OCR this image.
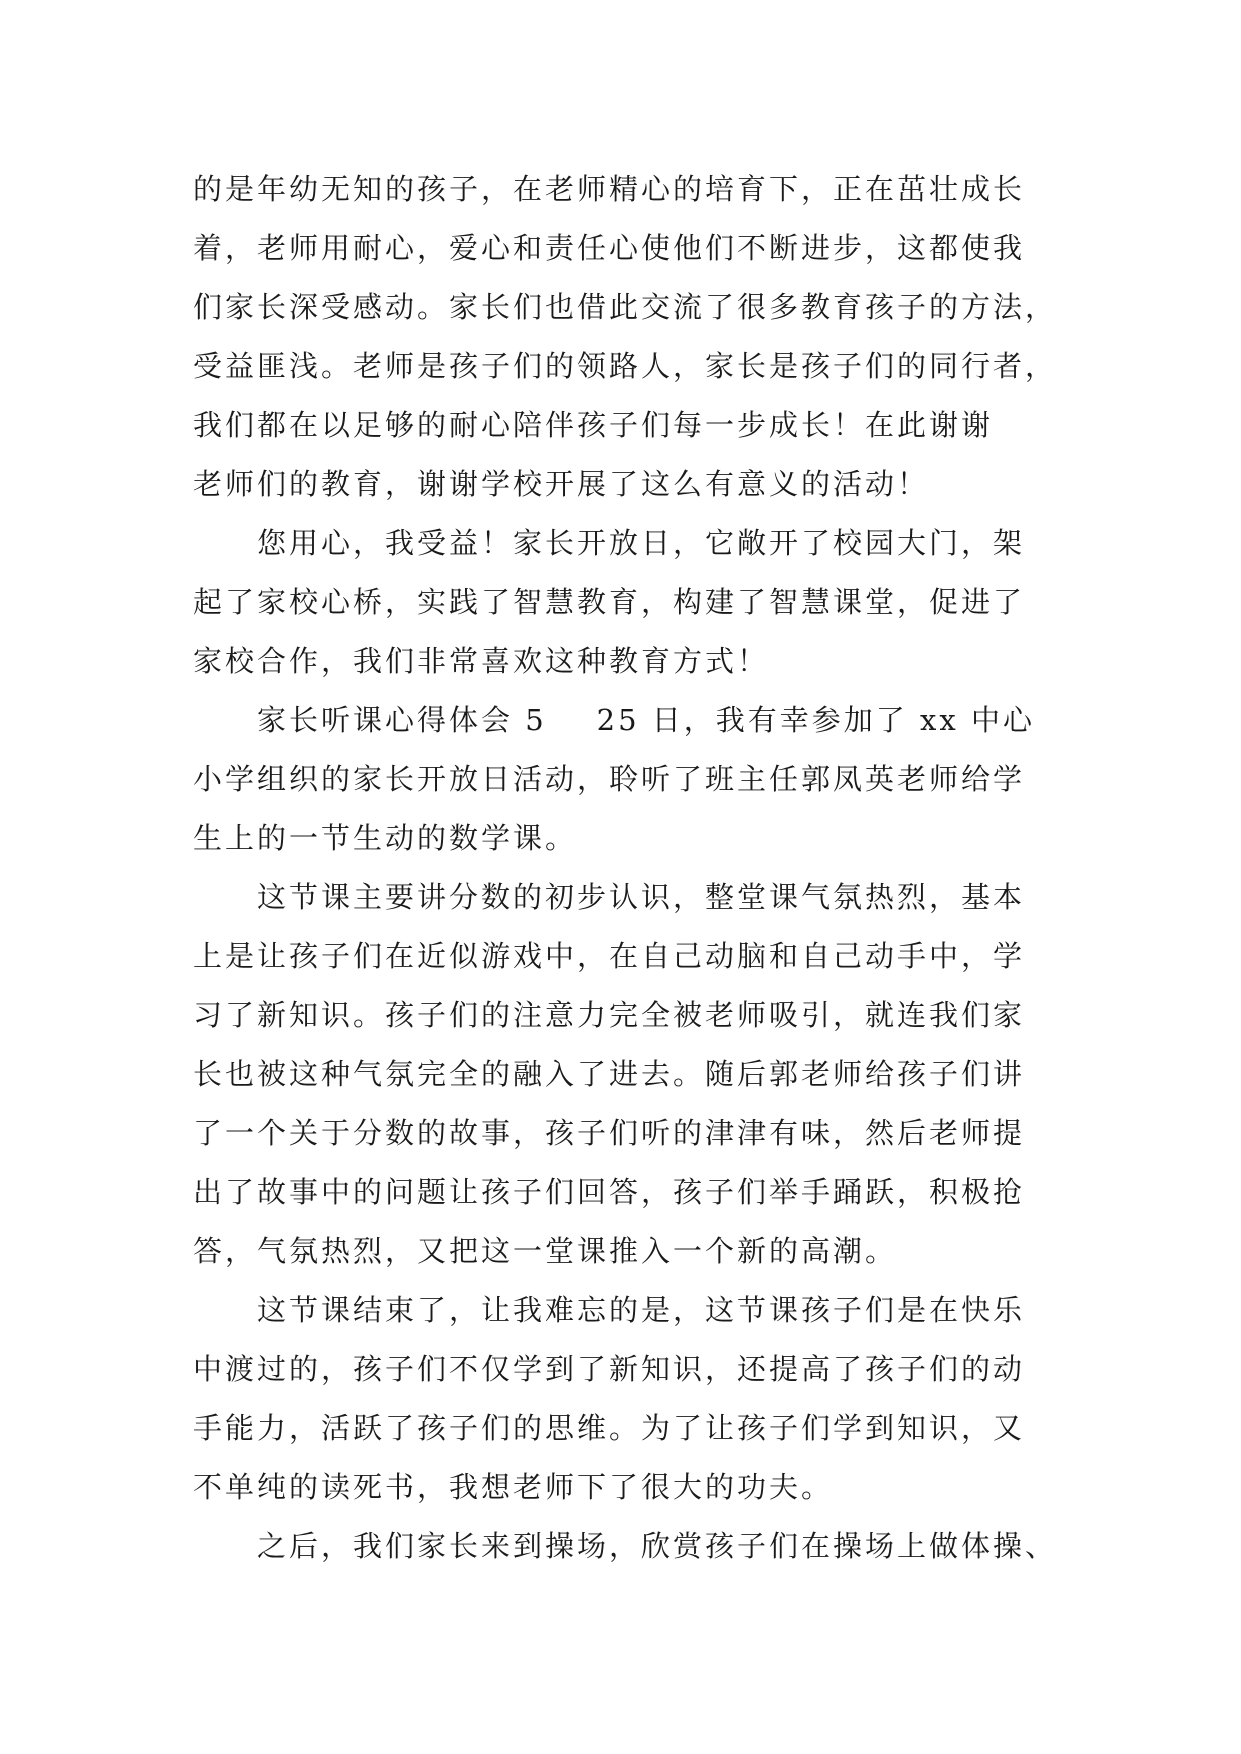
的是年幼无知的孩子，在老师精心的培育下，正在茁壮成长
着，老师用耐心，爱心和责任心使他们不断进步，这都使我
们家长深受感动。家长们也借此交流了很多教育孩子的方法，
受益匪浅。老师是孩子们的领路人，家长是孩子们的同行者，
我们都在以足够的耐心陪伴孩子们每一步成长！在此谢谢
老师们的教育，谢谢学校开展了这么有意义的活动！
　　您用心，我受益！家长开放日，它敞开了校园大门，架
起了家校心桥，实践了智慧教育，构建了智慧课堂，促进了
家校合作，我们非常喜欢这种教育方式！
　　家长听课心得体会 5 25 日，我有幸参加了 xx 中心
小学组织的家长开放日活动，聆听了班主任郭凤英老师给学
生上的一节生动的数学课。
　　这节课主要讲分数的初步认识，整堂课气氛热烈，基本
上是让孩子们在近似游戏中，在自己动脑和自己动手中，学
习了新知识。孩子们的注意力完全被老师吸引，就连我们家
长也被这种气氛完全的融入了进去。随后郭老师给孩子们讲
了一个关于分数的故事，孩子们听的津津有味，然后老师提
出了故事中的问题让孩子们回答，孩子们举手踊跃，积极抢
答，气氛热烈，又把这一堂课推入一个新的高潮。
　　这节课结束了，让我难忘的是，这节课孩子们是在快乐
中渡过的，孩子们不仅学到了新知识，还提高了孩子们的动
手能力，活跃了孩子们的思维。为了让孩子们学到知识，又
不单纯的读死书，我想老师下了很大的功夫。
　　之后，我们家长来到操场，欣赏孩子们在操场上做体操、
